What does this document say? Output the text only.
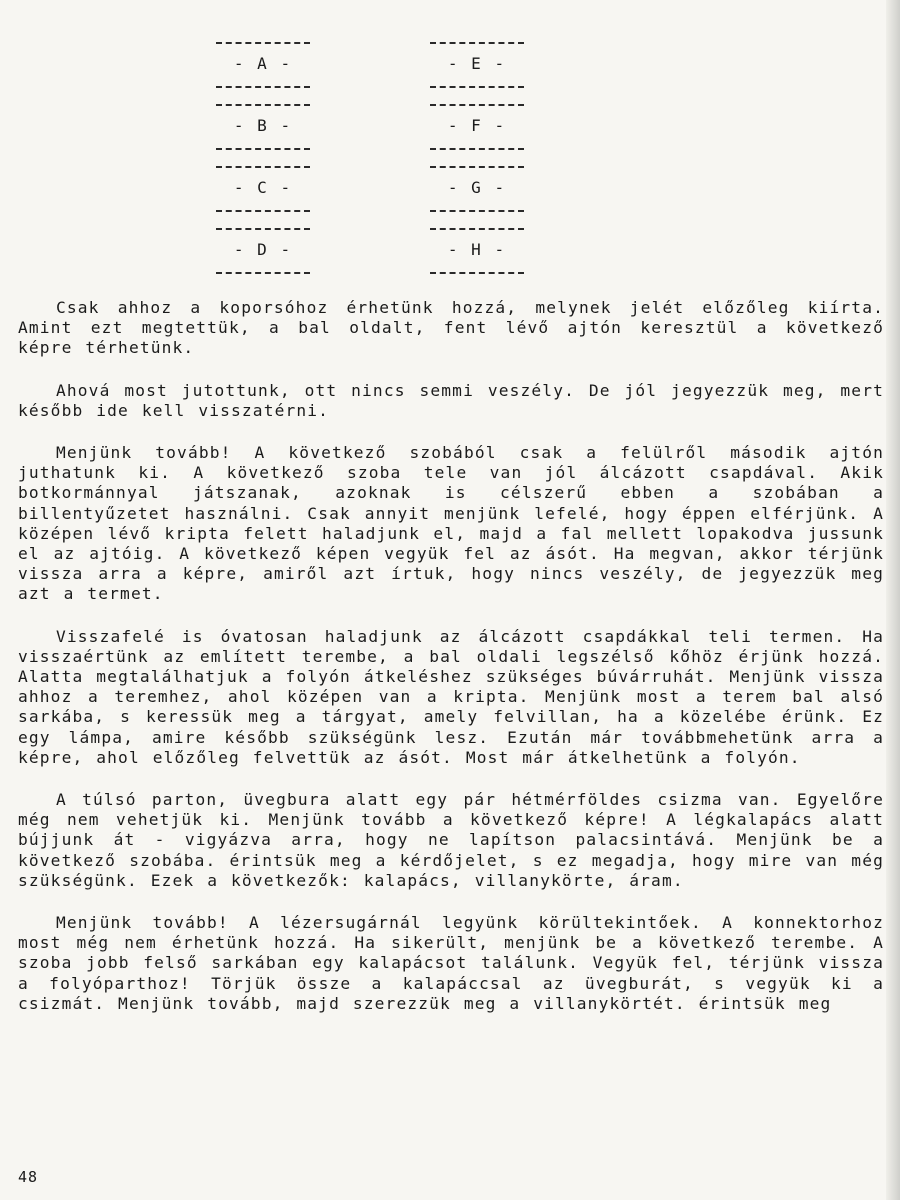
- A -
- B -
- C -
- D -
- E -
- F -
- G -
- H -

Csak ahhoz a koporsóhoz érhetünk hozzá, melynek jelét előzőleg kiírta. Amint ezt megtettük, a bal oldalt, fent lévő ajtón keresztül a következő képre térhetünk.

Ahová most jutottunk, ott nincs semmi veszély. De jól jegyezzük meg, mert később ide kell visszatérni.

Menjünk tovább! A következő szobából csak a felülről második ajtón juthatunk ki. A következő szoba tele van jól álcázott csapdával. Akik botkormánnyal játszanak, azoknak is célszerű ebben a szobában a billentyűzetet használni. Csak annyit menjünk lefelé, hogy éppen elférjünk. A középen lévő kripta felett haladjunk el, majd a fal mellett lopakodva jussunk el az ajtóig. A következő képen vegyük fel az ásót. Ha megvan, akkor térjünk vissza arra a képre, amiről azt írtuk, hogy nincs veszély, de jegyezzük meg azt a termet.

Visszafelé is óvatosan haladjunk az álcázott csapdákkal teli termen. Ha visszaértünk az említett terembe, a bal oldali legszélső kőhöz érjünk hozzá. Alatta megtalálhatjuk a folyón átkeléshez szükséges búvárruhát. Menjünk vissza ahhoz a teremhez, ahol középen van a kripta. Menjünk most a terem bal alsó sarkába, s keressük meg a tárgyat, amely felvillan, ha a közelébe érünk. Ez egy lámpa, amire később szükségünk lesz. Ezután már továbbmehetünk arra a képre, ahol előzőleg felvettük az ásót. Most már átkelhetünk a folyón.

A túlsó parton, üvegbura alatt egy pár hétmérföldes csizma van. Egyelőre még nem vehetjük ki. Menjünk tovább a következő képre! A légkalapács alatt bújjunk át - vigyázva arra, hogy ne lapítson palacsintává. Menjünk be a következő szobába. érintsük meg a kérdőjelet, s ez megadja, hogy mire van még szükségünk. Ezek a következők: kalapács, villanykörte, áram.

Menjünk tovább! A lézersugárnál legyünk körültekintőek. A konnektorhoz most még nem érhetünk hozzá. Ha sikerült, menjünk be a következő terembe. A szoba jobb felső sarkában egy kalapácsot találunk. Vegyük fel, térjünk vissza a folyóparthoz! Törjük össze a kalapáccsal az üvegburát, s vegyük ki a csizmát. Menjünk tovább, majd szerezzük meg a villanykörtét. érintsük meg

48
